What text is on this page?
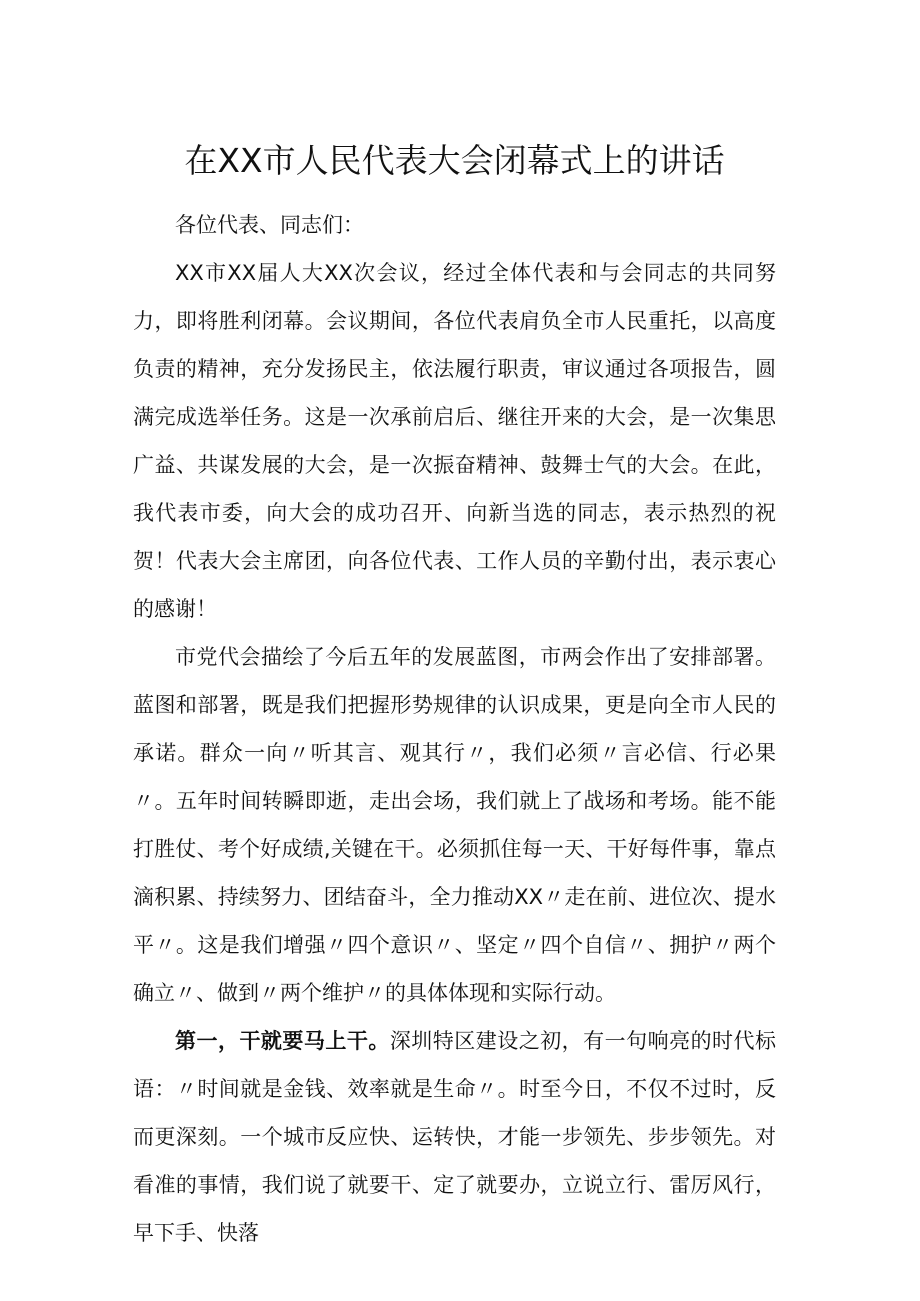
在XX市人民代表大会闭幕式上的讲话

各位代表、同志们：

XX市XX届人大XX次会议，经过全体代表和与会同志的共同努力，即将胜利闭幕。会议期间，各位代表肩负全市人民重托，以高度负责的精神，充分发扬民主，依法履行职责，审议通过各项报告，圆满完成选举任务。这是一次承前启后、继往开来的大会，是一次集思广益、共谋发展的大会，是一次振奋精神、鼓舞士气的大会。在此，我代表市委，向大会的成功召开、向新当选的同志，表示热烈的祝贺！代表大会主席团，向各位代表、工作人员的辛勤付出，表示衷心的感谢！

市党代会描绘了今后五年的发展蓝图，市两会作出了安排部署。蓝图和部署，既是我们把握形势规律的认识成果，更是向全市人民的承诺。群众一向〃听其言、观其行〃，我们必须〃言必信、行必果〃。五年时间转瞬即逝，走出会场，我们就上了战场和考场。能不能打胜仗、考个好成绩,关键在干。必须抓住每一天、干好每件事，靠点滴积累、持续努力、团结奋斗，全力推动XX〃走在前、进位次、提水平〃。这是我们增强〃四个意识〃、坚定〃四个自信〃、拥护〃两个确立〃、做到〃两个维护〃的具体体现和实际行动。

第一，干就要马上干。深圳特区建设之初，有一句响亮的时代标语：〃时间就是金钱、效率就是生命〃。时至今日，不仅不过时，反而更深刻。一个城市反应快、运转快，才能一步领先、步步领先。对看准的事情，我们说了就要干、定了就要办，立说立行、雷厉风行，早下手、快落
